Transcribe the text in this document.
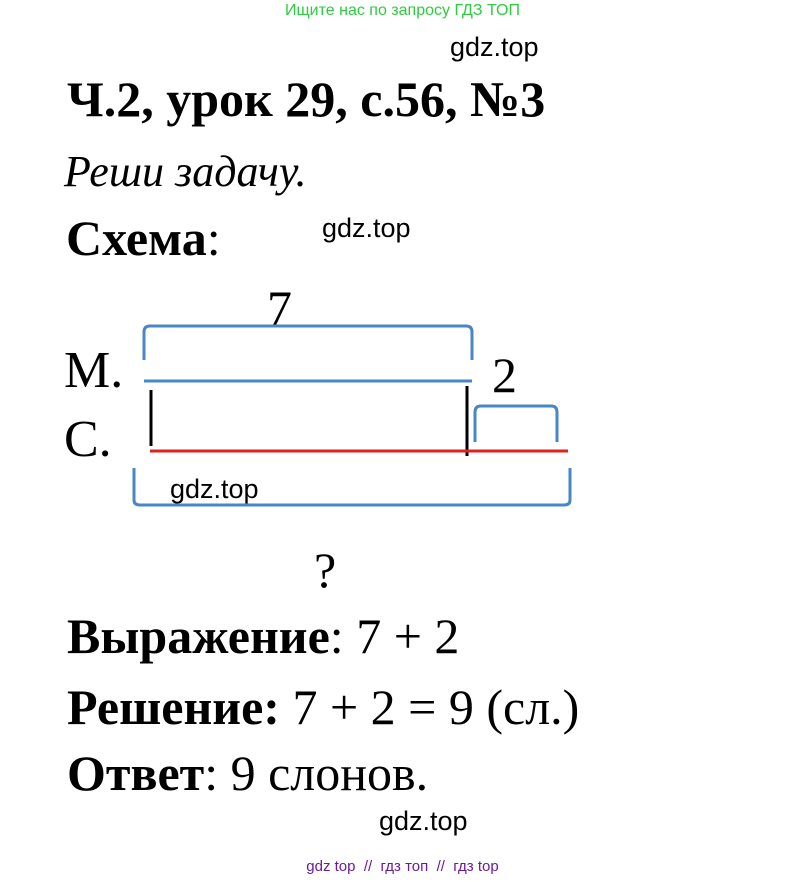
Ищите нас по запросу ГДЗ ТОП
gdz.top
Ч.2, урок 29, с.56, №3
Реши задачу.
Схема:	gdz.top
7
М.	2
С.
gdz.top
?
Выражение: 7 + 2
Решение: 7 + 2 = 9 (сл.)
Ответ: 9 слонов.
gdz.top
gdz top  //  гдз топ  //  гдз top
